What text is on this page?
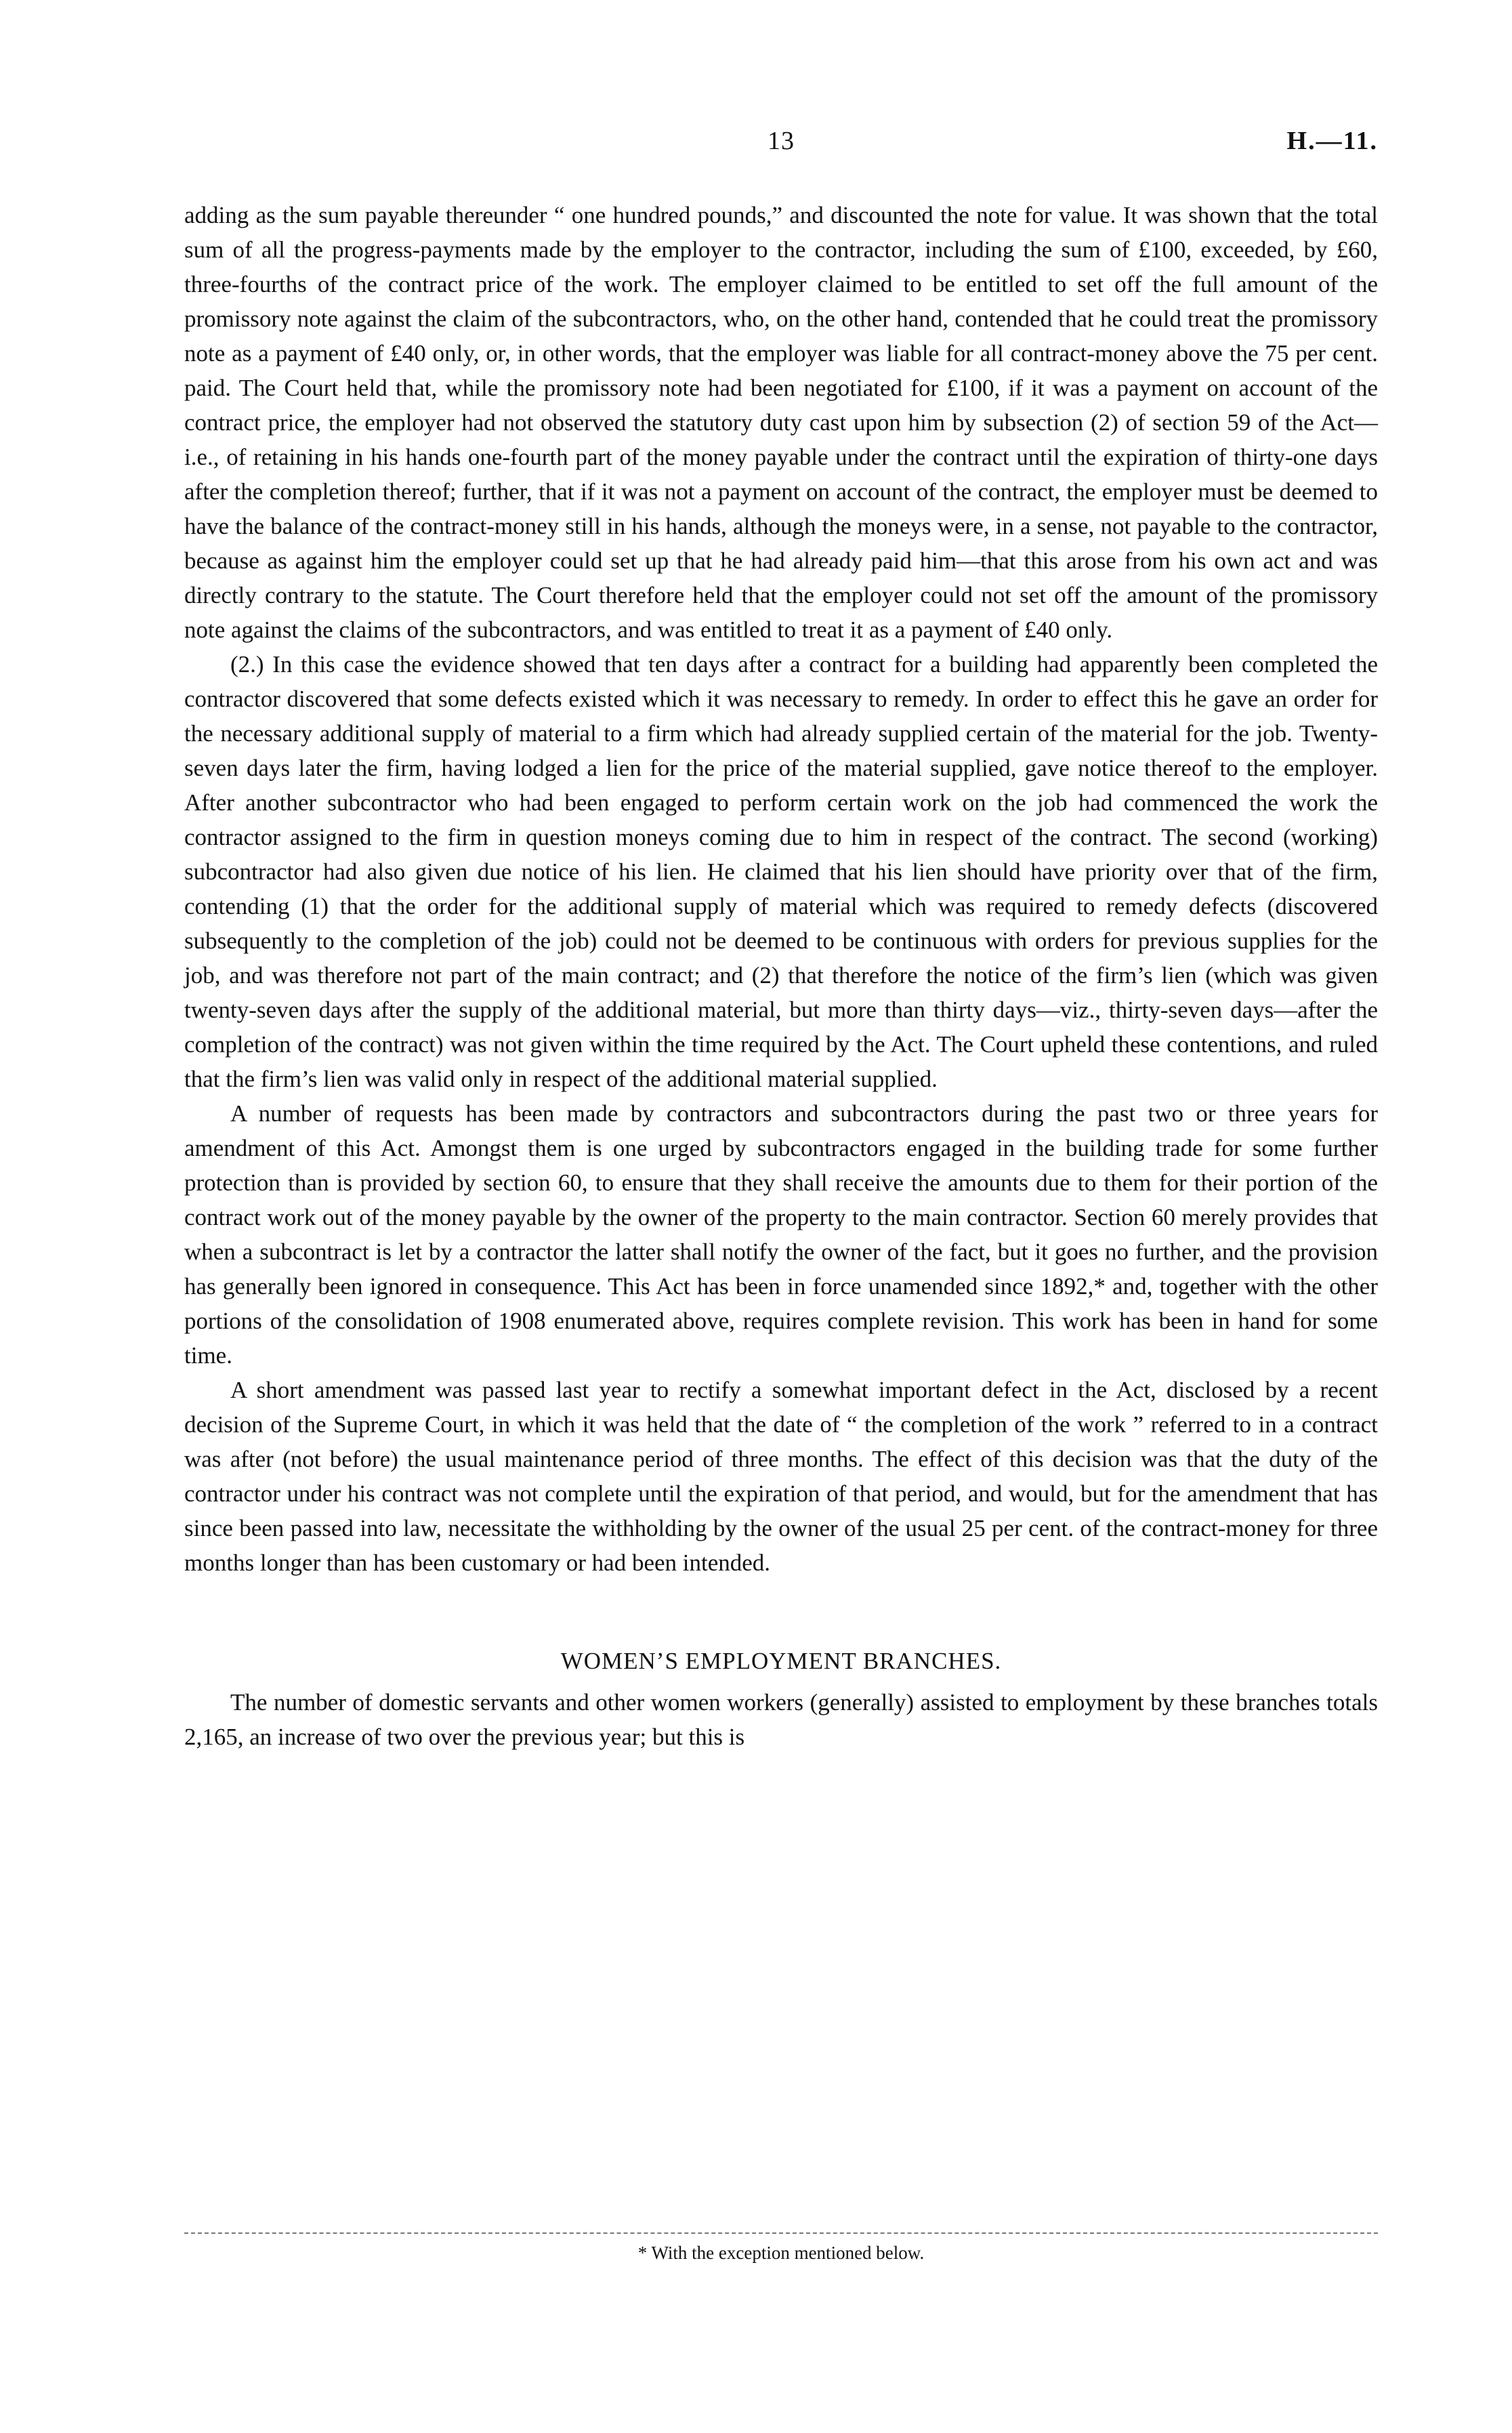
13	H.—11.

adding as the sum payable thereunder “ one hundred pounds,” and discounted the note for value. It was shown that the total sum of all the progress-payments made by the employer to the contractor, including the sum of £100, exceeded, by £60, three-fourths of the contract price of the work. The employer claimed to be entitled to set off the full amount of the promissory note against the claim of the subcontractors, who, on the other hand, contended that he could treat the promissory note as a payment of £40 only, or, in other words, that the employer was liable for all contract-money above the 75 per cent. paid. The Court held that, while the promissory note had been negotiated for £100, if it was a payment on account of the contract price, the employer had not observed the statutory duty cast upon him by subsection (2) of section 59 of the Act—i.e., of retaining in his hands one-fourth part of the money payable under the contract until the expiration of thirty-one days after the completion thereof; further, that if it was not a payment on account of the contract, the employer must be deemed to have the balance of the contract-money still in his hands, although the moneys were, in a sense, not payable to the contractor, because as against him the employer could set up that he had already paid him—that this arose from his own act and was directly contrary to the statute. The Court therefore held that the employer could not set off the amount of the promissory note against the claims of the subcontractors, and was entitled to treat it as a payment of £40 only.

(2.) In this case the evidence showed that ten days after a contract for a building had apparently been completed the contractor discovered that some defects existed which it was necessary to remedy. In order to effect this he gave an order for the necessary additional supply of material to a firm which had already supplied certain of the material for the job. Twenty-seven days later the firm, having lodged a lien for the price of the material supplied, gave notice thereof to the employer. After another subcontractor who had been engaged to perform certain work on the job had commenced the work the contractor assigned to the firm in question moneys coming due to him in respect of the contract. The second (working) subcontractor had also given due notice of his lien. He claimed that his lien should have priority over that of the firm, contending (1) that the order for the additional supply of material which was required to remedy defects (discovered subsequently to the completion of the job) could not be deemed to be continuous with orders for previous supplies for the job, and was therefore not part of the main contract; and (2) that therefore the notice of the firm’s lien (which was given twenty-seven days after the supply of the additional material, but more than thirty days—viz., thirty-seven days—after the completion of the contract) was not given within the time required by the Act. The Court upheld these contentions, and ruled that the firm’s lien was valid only in respect of the additional material supplied.

A number of requests has been made by contractors and subcontractors during the past two or three years for amendment of this Act. Amongst them is one urged by subcontractors engaged in the building trade for some further protection than is provided by section 60, to ensure that they shall receive the amounts due to them for their portion of the contract work out of the money payable by the owner of the property to the main contractor. Section 60 merely provides that when a subcontract is let by a contractor the latter shall notify the owner of the fact, but it goes no further, and the provision has generally been ignored in consequence. This Act has been in force unamended since 1892,* and, together with the other portions of the consolidation of 1908 enumerated above, requires complete revision. This work has been in hand for some time.

A short amendment was passed last year to rectify a somewhat important defect in the Act, disclosed by a recent decision of the Supreme Court, in which it was held that the date of “ the completion of the work ” referred to in a contract was after (not before) the usual maintenance period of three months. The effect of this decision was that the duty of the contractor under his contract was not complete until the expiration of that period, and would, but for the amendment that has since been passed into law, necessitate the withholding by the owner of the usual 25 per cent. of the contract-money for three months longer than has been customary or had been intended.

WOMEN’S EMPLOYMENT BRANCHES.

The number of domestic servants and other women workers (generally) assisted to employment by these branches totals 2,165, an increase of two over the previous year; but this is

* With the exception mentioned below.
